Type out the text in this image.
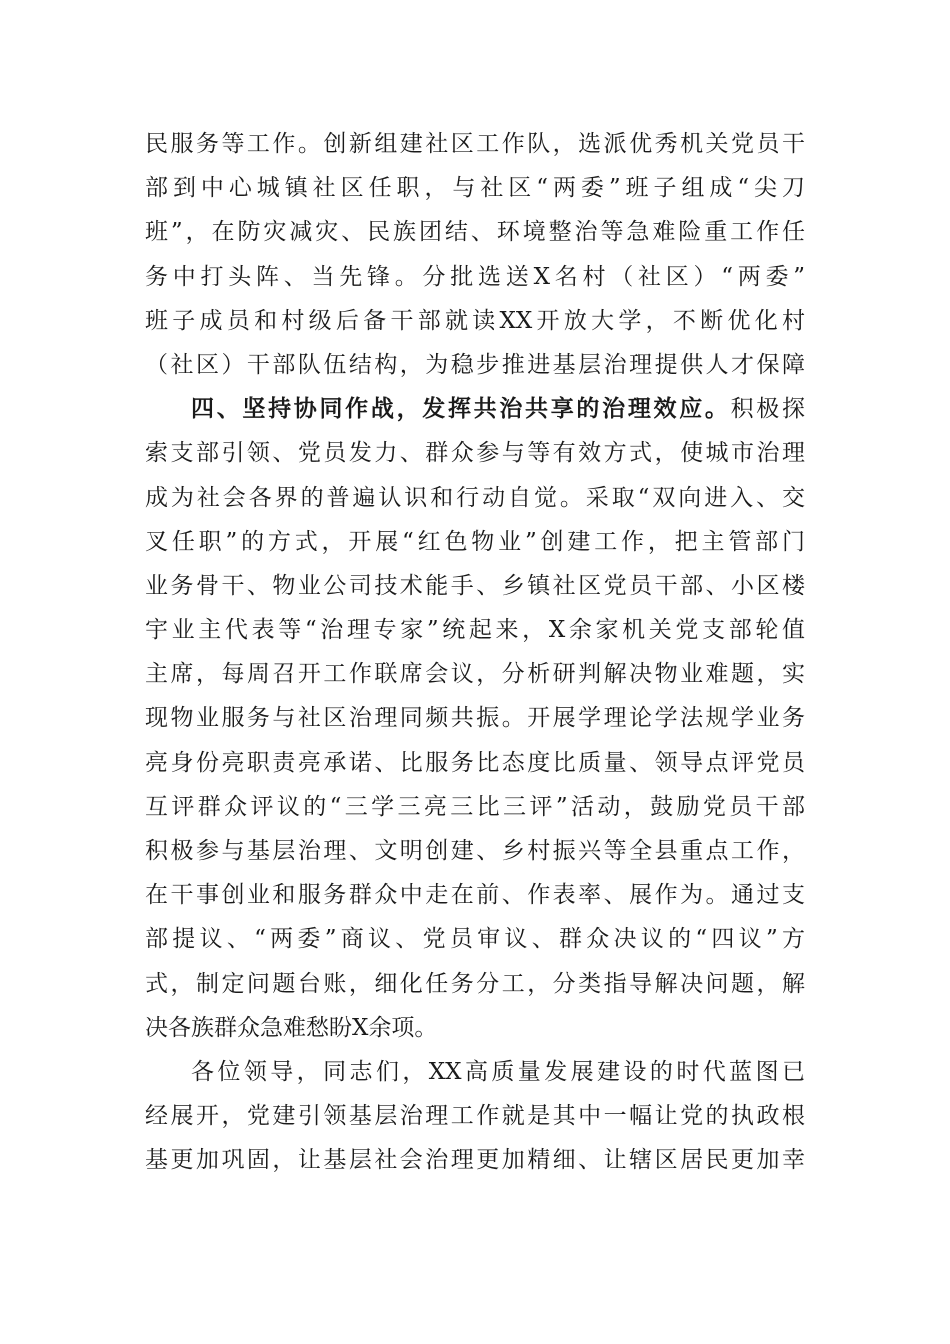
民服务等工作。创新组建社区工作队，选派优秀机关党员干
部到中心城镇社区任职，与社区“两委”班子组成“尖刀
班”，在防灾减灾、民族团结、环境整治等急难险重工作任
务中打头阵、当先锋。分批选送X名村（社区）“两委”
班子成员和村级后备干部就读XX开放大学，不断优化村
（社区）干部队伍结构，为稳步推进基层治理提供人才保障
四、坚持协同作战，发挥共治共享的治理效应。积极探
索支部引领、党员发力、群众参与等有效方式，使城市治理
成为社会各界的普遍认识和行动自觉。采取“双向进入、交
叉任职”的方式，开展“红色物业”创建工作，把主管部门
业务骨干、物业公司技术能手、乡镇社区党员干部、小区楼
宇业主代表等“治理专家”统起来，X余家机关党支部轮值
主席，每周召开工作联席会议，分析研判解决物业难题，实
现物业服务与社区治理同频共振。开展学理论学法规学业务
亮身份亮职责亮承诺、比服务比态度比质量、领导点评党员
互评群众评议的“三学三亮三比三评”活动，鼓励党员干部
积极参与基层治理、文明创建、乡村振兴等全县重点工作，
在干事创业和服务群众中走在前、作表率、展作为。通过支
部提议、“两委”商议、党员审议、群众决议的“四议”方
式，制定问题台账，细化任务分工，分类指导解决问题，解
决各族群众急难愁盼X余项。
各位领导，同志们，XX高质量发展建设的时代蓝图已
经展开，党建引领基层治理工作就是其中一幅让党的执政根
基更加巩固，让基层社会治理更加精细、让辖区居民更加幸
